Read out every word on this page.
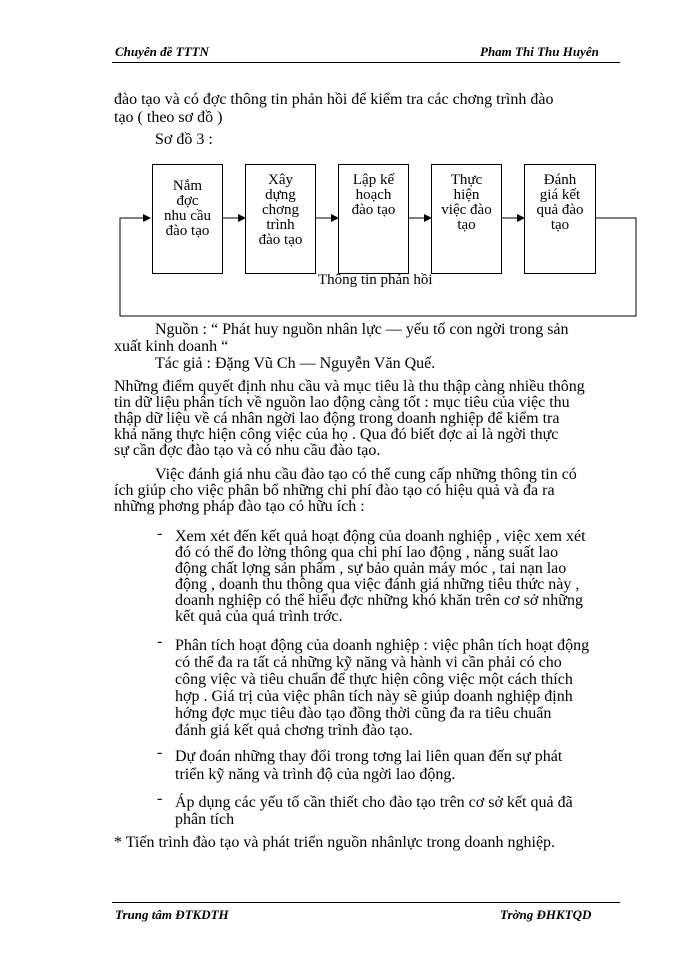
Chuyên đề TTTN	Pham Thi Thu Huyên
đào tạo và có đợc thông tin phản hồi để kiểm tra các chơng trình đào
tạo ( theo sơ đồ )
Sơ đồ 3 :
Nắm
đợc
nhu cầu
đào tạo
Xây
dựng
chơng
trình
đào tạo
Lập kế
hoạch
đào tạo
Thực
hiện
việc đào
tạo
Đánh
giá kết
quả đào
tạo
Thông tin phản hồi
Nguồn : “ Phát huy nguồn nhân lực — yếu tố con ngời trong sản
xuất kinh doanh “
Tác giả : Đặng Vũ Ch — Nguyễn Văn Quế.
Những điểm quyết định nhu cầu và mục tiêu là thu thập càng nhiều thông
tin dữ liệu phân tích về nguồn lao động càng tốt : mục tiêu của việc thu
thập dữ liệu về cá nhân ngời lao động trong doanh nghiệp để kiểm tra
khả năng thực hiện công việc của họ . Qua đó biết đợc ai là ngời thực
sự cần đợc đào tạo và có nhu cầu đào tạo.
Việc đánh giá nhu cầu đào tạo có thể cung cấp những thông tin có
ích giúp cho việc phân bổ những chi phí đào tạo có hiệu quả và đa ra
những phơng pháp đào tạo có hữu ích :
- Xem xét đến kết quả hoạt động của doanh nghiệp , việc xem xét
đó có thể đo lờng thông qua chi phí lao động , năng suất lao
động chất lợng sản phẩm , sự bảo quản máy móc , tai nạn lao
động , doanh thu thông qua việc đánh giá những tiêu thức này ,
doanh nghiệp có thể hiểu đợc những khó khăn trên cơ sở những
kết quả của quá trình trớc.
- Phân tích hoạt động của doanh nghiệp : việc phân tích hoạt động
có thể đa ra tất cả những kỹ năng và hành vi cần phải có cho
công việc và tiêu chuẩn để thực hiện công việc một cách thích
hợp . Giá trị của việc phân tích này sẽ giúp doanh nghiệp định
hớng đợc mục tiêu đào tạo đồng thời cũng đa ra tiêu chuẩn
đánh giá kết quả chơng trình đào tạo.
- Dự đoán những thay đổi trong tơng lai liên quan đến sự phát
triển kỹ năng và trình độ của ngời lao động.
- Áp dụng các yếu tố cần thiết cho đào tạo trên cơ sở kết quả đã
phân tích
* Tiến trình đào tạo và phát triển nguồn nhânlực trong doanh nghiệp.
Trung tâm ĐTKDTH	Trờng ĐHKTQD
